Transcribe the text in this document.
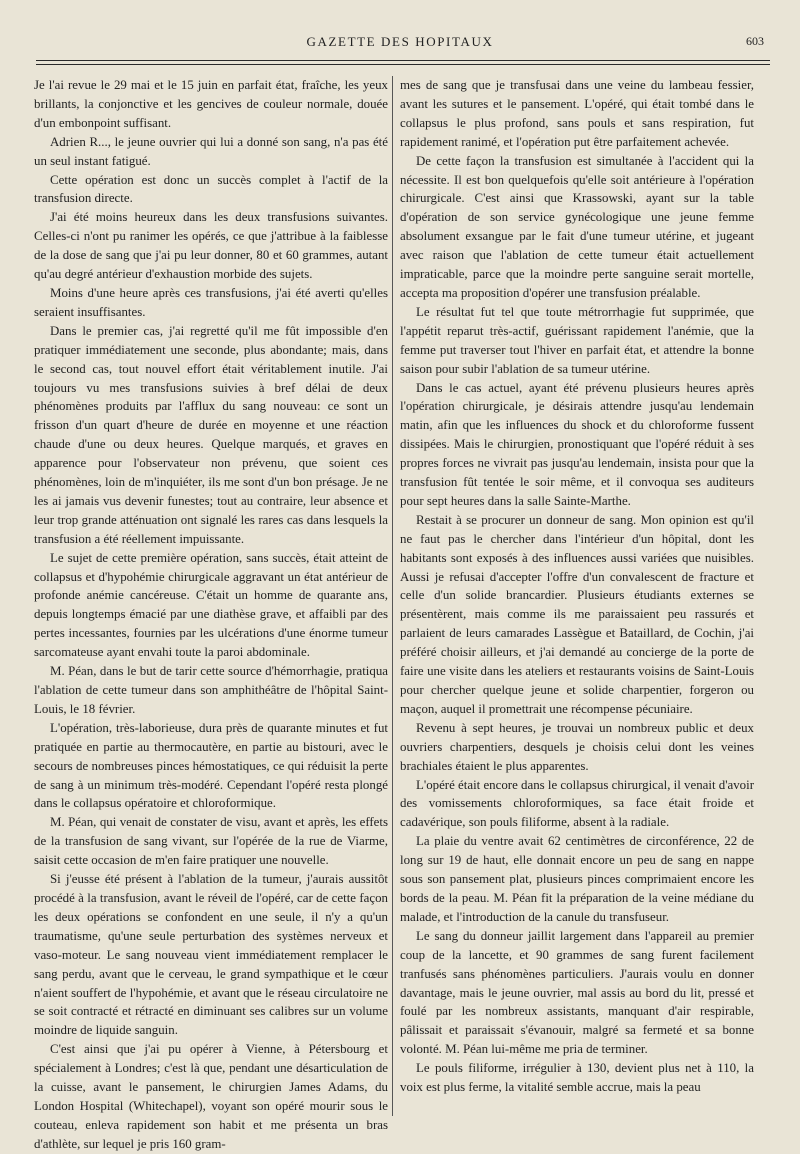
GAZETTE DES HOPITAUX	603

Je l'ai revue le 29 mai et le 15 juin en parfait état, fraîche, les yeux brillants, la conjonctive et les gencives de couleur normale, douée d'un embonpoint suffisant.

Adrien R..., le jeune ouvrier qui lui a donné son sang, n'a pas été un seul instant fatigué.

Cette opération est donc un succès complet à l'actif de la transfusion directe.

J'ai été moins heureux dans les deux transfusions suivantes. Celles-ci n'ont pu ranimer les opérés, ce que j'attribue à la faiblesse de la dose de sang que j'ai pu leur donner, 80 et 60 grammes, autant qu'au degré antérieur d'exhaustion morbide des sujets.

Moins d'une heure après ces transfusions, j'ai été averti qu'elles seraient insuffisantes.

Dans le premier cas, j'ai regretté qu'il me fût impossible d'en pratiquer immédiatement une seconde, plus abondante; mais, dans le second cas, tout nouvel effort était véritablement inutile. J'ai toujours vu mes transfusions suivies à bref délai de deux phénomènes produits par l'afflux du sang nouveau: ce sont un frisson d'un quart d'heure de durée en moyenne et une réaction chaude d'une ou deux heures. Quelque marqués, et graves en apparence pour l'observateur non prévenu, que soient ces phénomènes, loin de m'inquiéter, ils me sont d'un bon présage. Je ne les ai jamais vus devenir funestes; tout au contraire, leur absence et leur trop grande atténuation ont signalé les rares cas dans lesquels la transfusion a été réellement impuissante.

Le sujet de cette première opération, sans succès, était atteint de collapsus et d'hypohémie chirurgicale aggravant un état antérieur de profonde anémie cancéreuse. C'était un homme de quarante ans, depuis longtemps émacié par une diathèse grave, et affaibli par des pertes incessantes, fournies par les ulcérations d'une énorme tumeur sarcomateuse ayant envahi toute la paroi abdominale.

M. Péan, dans le but de tarir cette source d'hémorrhagie, pratiqua l'ablation de cette tumeur dans son amphithéâtre de l'hôpital Saint-Louis, le 18 février.

L'opération, très-laborieuse, dura près de quarante minutes et fut pratiquée en partie au thermocautère, en partie au bistouri, avec le secours de nombreuses pinces hémostatiques, ce qui réduisit la perte de sang à un minimum très-modéré. Cependant l'opéré resta plongé dans le collapsus opératoire et chloroformique.

M. Péan, qui venait de constater de visu, avant et après, les effets de la transfusion de sang vivant, sur l'opérée de la rue de Viarme, saisit cette occasion de m'en faire pratiquer une nouvelle.

Si j'eusse été présent à l'ablation de la tumeur, j'aurais aussitôt procédé à la transfusion, avant le réveil de l'opéré, car de cette façon les deux opérations se confondent en une seule, il n'y a qu'un traumatisme, qu'une seule perturbation des systèmes nerveux et vaso-moteur. Le sang nouveau vient immédiatement remplacer le sang perdu, avant que le cerveau, le grand sympathique et le cœur n'aient souffert de l'hypohémie, et avant que le réseau circulatoire ne se soit contracté et rétracté en diminuant ses calibres sur un volume moindre de liquide sanguin.

C'est ainsi que j'ai pu opérer à Vienne, à Pétersbourg et spécialement à Londres; c'est là que, pendant une désarticulation de la cuisse, avant le pansement, le chirurgien James Adams, du London Hospital (Whitechapel), voyant son opéré mourir sous le couteau, enleva rapidement son habit et me présenta un bras d'athlète, sur lequel je pris 160 gram-

mes de sang que je transfusai dans une veine du lambeau fessier, avant les sutures et le pansement. L'opéré, qui était tombé dans le collapsus le plus profond, sans pouls et sans respiration, fut rapidement ranimé, et l'opération put être parfaitement achevée.

De cette façon la transfusion est simultanée à l'accident qui la nécessite. Il est bon quelquefois qu'elle soit antérieure à l'opération chirurgicale. C'est ainsi que Krassowski, ayant sur la table d'opération de son service gynécologique une jeune femme absolument exsangue par le fait d'une tumeur utérine, et jugeant avec raison que l'ablation de cette tumeur était actuellement impraticable, parce que la moindre perte sanguine serait mortelle, accepta ma proposition d'opérer une transfusion préalable.

Le résultat fut tel que toute métrorrhagie fut supprimée, que l'appétit reparut très-actif, guérissant rapidement l'anémie, que la femme put traverser tout l'hiver en parfait état, et attendre la bonne saison pour subir l'ablation de sa tumeur utérine.

Dans le cas actuel, ayant été prévenu plusieurs heures après l'opération chirurgicale, je désirais attendre jusqu'au lendemain matin, afin que les influences du shock et du chloroforme fussent dissipées. Mais le chirurgien, pronostiquant que l'opéré réduit à ses propres forces ne vivrait pas jusqu'au lendemain, insista pour que la transfusion fût tentée le soir même, et il convoqua ses auditeurs pour sept heures dans la salle Sainte-Marthe.

Restait à se procurer un donneur de sang. Mon opinion est qu'il ne faut pas le chercher dans l'intérieur d'un hôpital, dont les habitants sont exposés à des influences aussi variées que nuisibles. Aussi je refusai d'accepter l'offre d'un convalescent de fracture et celle d'un solide brancardier. Plusieurs étudiants externes se présentèrent, mais comme ils me paraissaient peu rassurés et parlaient de leurs camarades Lassègue et Bataillard, de Cochin, j'ai préféré choisir ailleurs, et j'ai demandé au concierge de la porte de faire une visite dans les ateliers et restaurants voisins de Saint-Louis pour chercher quelque jeune et solide charpentier, forgeron ou maçon, auquel il promettrait une récompense pécuniaire.

Revenu à sept heures, je trouvai un nombreux public et deux ouvriers charpentiers, desquels je choisis celui dont les veines brachiales étaient le plus apparentes.

L'opéré était encore dans le collapsus chirurgical, il venait d'avoir des vomissements chloroformiques, sa face était froide et cadavérique, son pouls filiforme, absent à la radiale.

La plaie du ventre avait 62 centimètres de circonférence, 22 de long sur 19 de haut, elle donnait encore un peu de sang en nappe sous son pansement plat, plusieurs pinces comprimaient encore les bords de la peau. M. Péan fit la préparation de la veine médiane du malade, et l'introduction de la canule du transfuseur.

Le sang du donneur jaillit largement dans l'appareil au premier coup de la lancette, et 90 grammes de sang furent facilement tranfusés sans phénomènes particuliers. J'aurais voulu en donner davantage, mais le jeune ouvrier, mal assis au bord du lit, pressé et foulé par les nombreux assistants, manquant d'air respirable, pâlissait et paraissait s'évanouir, malgré sa fermeté et sa bonne volonté. M. Péan lui-même me pria de terminer.

Le pouls filiforme, irrégulier à 130, devient plus net à 110, la voix est plus ferme, la vitalité semble accrue, mais la peau
